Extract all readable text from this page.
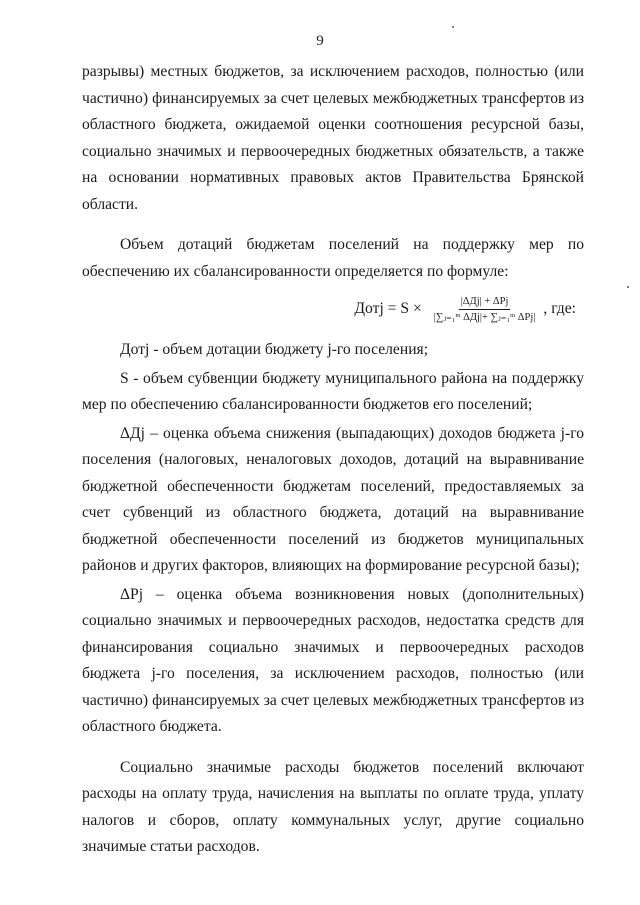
9

разрывы) местных бюджетов, за исключением расходов, полностью (или частично) финансируемых за счет целевых межбюджетных трансфертов из областного бюджета, ожидаемой оценки соотношения ресурсной базы, социально значимых и первоочередных бюджетных обязательств, а также на основании нормативных правовых актов Правительства Брянской области.

Объем дотаций бюджетам поселений на поддержку мер по обеспечению их сбалансированности определяется по формуле:

Дотj = $S \times \frac{\text{|ΔДj| + ΔPj}}{\text{|∑ⱼ₌₁ᵐ ΔДj|+ ∑ⱼ₌₁ᵐ ΔPj|}}$ , где:

Дотj - объем дотации бюджету j-го поселения;

S - объем субвенции бюджету муниципального района на поддержку мер по обеспечению сбалансированности бюджетов его поселений;

ΔДj – оценка объема снижения (выпадающих) доходов бюджета j-го поселения (налоговых, неналоговых доходов, дотаций на выравнивание бюджетной обеспеченности бюджетам поселений, предоставляемых за счет субвенций из областного бюджета, дотаций на выравнивание бюджетной обеспеченности поселений из бюджетов муниципальных районов и других факторов, влияющих на формирование ресурсной базы);

ΔPj – оценка объема возникновения новых (дополнительных) социально значимых и первоочередных расходов, недостатка средств для финансирования социально значимых и первоочередных расходов бюджета j-го поселения, за исключением расходов, полностью (или частично) финансируемых за счет целевых межбюджетных трансфертов из областного бюджета.

Социально значимые расходы бюджетов поселений включают расходы на оплату труда, начисления на выплаты по оплате труда, уплату налогов и сборов, оплату коммунальных услуг, другие социально значимые статьи расходов.
